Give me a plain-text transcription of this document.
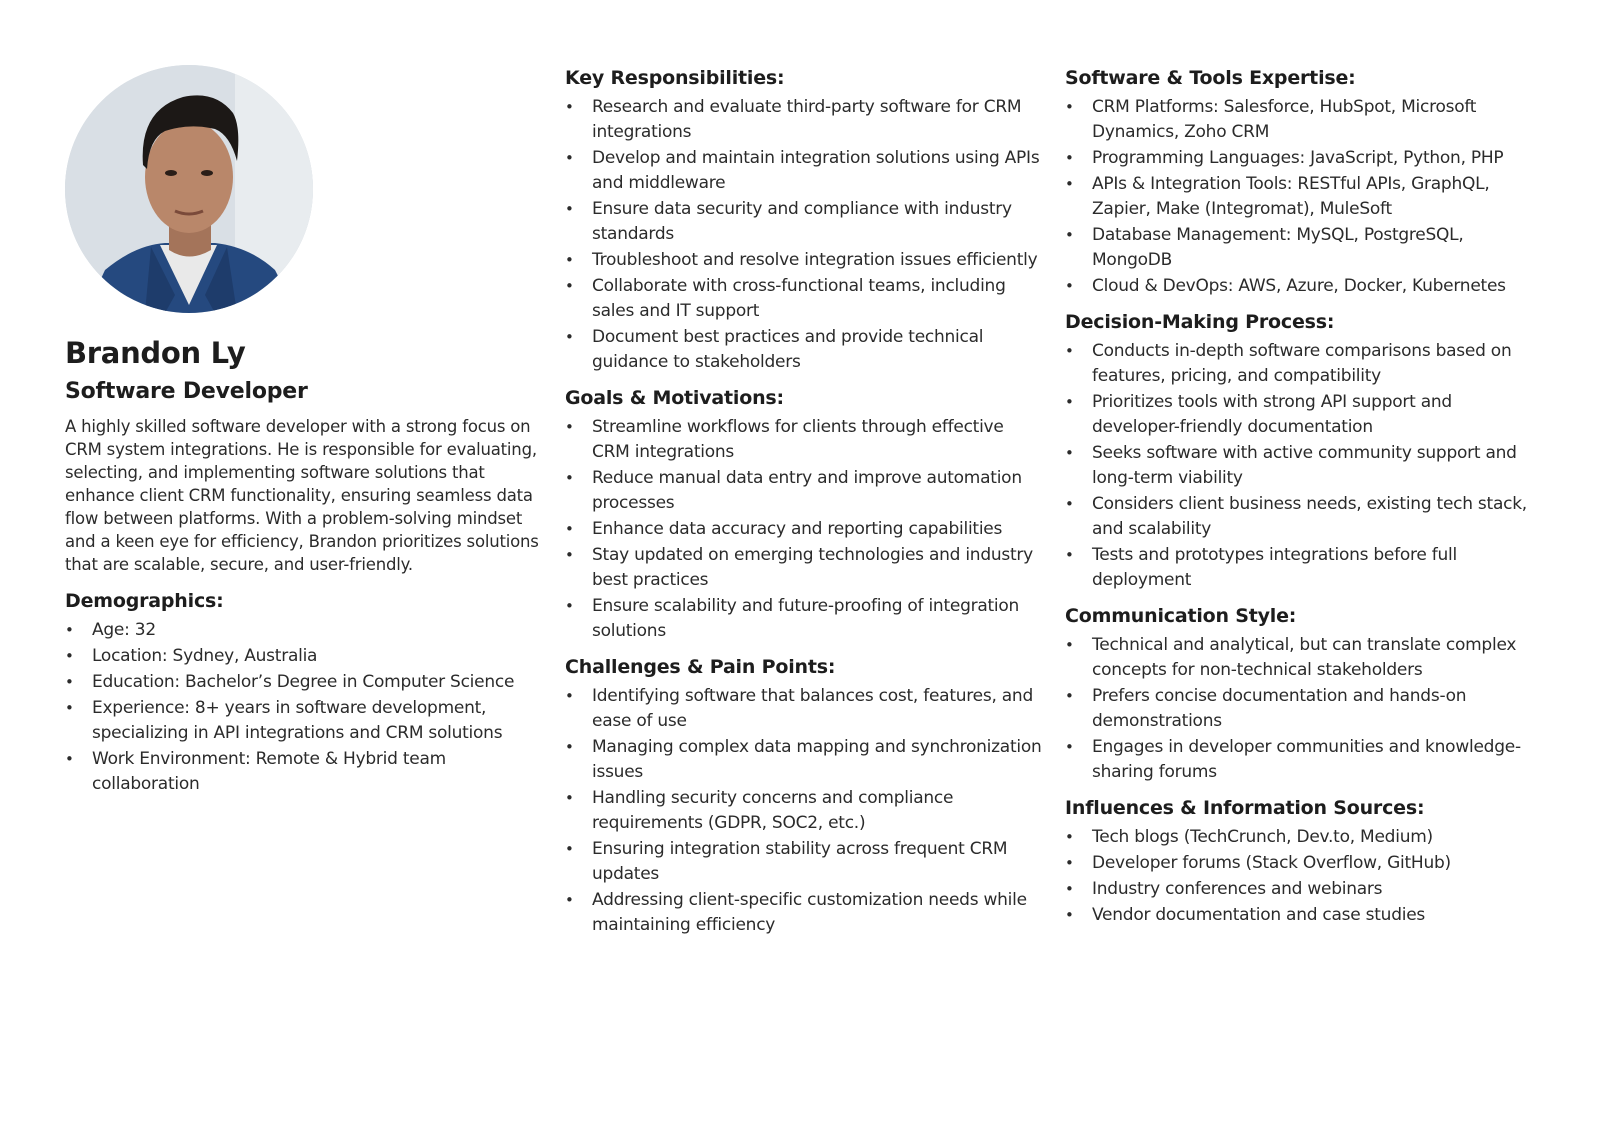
Brandon Ly
Software Developer

A highly skilled software developer with a strong focus on CRM system integrations. He is responsible for evaluating, selecting, and implementing software solutions that enhance client CRM functionality, ensuring seamless data flow between platforms. With a problem-solving mindset and a keen eye for efficiency, Brandon prioritizes solutions that are scalable, secure, and user-friendly.

Demographics:
• Age: 32
• Location: Sydney, Australia
• Education: Bachelor’s Degree in Computer Science
• Experience: 8+ years in software development, specializing in API integrations and CRM solutions
• Work Environment: Remote & Hybrid team collaboration
Key Responsibilities:
• Research and evaluate third-party software for CRM integrations
• Develop and maintain integration solutions using APIs and middleware
• Ensure data security and compliance with industry standards
• Troubleshoot and resolve integration issues efficiently
• Collaborate with cross-functional teams, including sales and IT support
• Document best practices and provide technical guidance to stakeholders
Goals & Motivations:
• Streamline workflows for clients through effective CRM integrations
• Reduce manual data entry and improve automation processes
• Enhance data accuracy and reporting capabilities
• Stay updated on emerging technologies and industry best practices
• Ensure scalability and future-proofing of integration solutions
Challenges & Pain Points:
• Identifying software that balances cost, features, and ease of use
• Managing complex data mapping and synchronization issues
• Handling security concerns and compliance requirements (GDPR, SOC2, etc.)
• Ensuring integration stability across frequent CRM updates
• Addressing client-specific customization needs while maintaining efficiency
Software & Tools Expertise:
• CRM Platforms: Salesforce, HubSpot, Microsoft Dynamics, Zoho CRM
• Programming Languages: JavaScript, Python, PHP
• APIs & Integration Tools: RESTful APIs, GraphQL, Zapier, Make (Integromat), MuleSoft
• Database Management: MySQL, PostgreSQL, MongoDB
• Cloud & DevOps: AWS, Azure, Docker, Kubernetes
Decision-Making Process:
• Conducts in-depth software comparisons based on features, pricing, and compatibility
• Prioritizes tools with strong API support and developer-friendly documentation
• Seeks software with active community support and long-term viability
• Considers client business needs, existing tech stack, and scalability
• Tests and prototypes integrations before full deployment
Communication Style:
• Technical and analytical, but can translate complex concepts for non-technical stakeholders
• Prefers concise documentation and hands-on demonstrations
• Engages in developer communities and knowledge-sharing forums
Influences & Information Sources:
• Tech blogs (TechCrunch, Dev.to, Medium)
• Developer forums (Stack Overflow, GitHub)
• Industry conferences and webinars
• Vendor documentation and case studies
